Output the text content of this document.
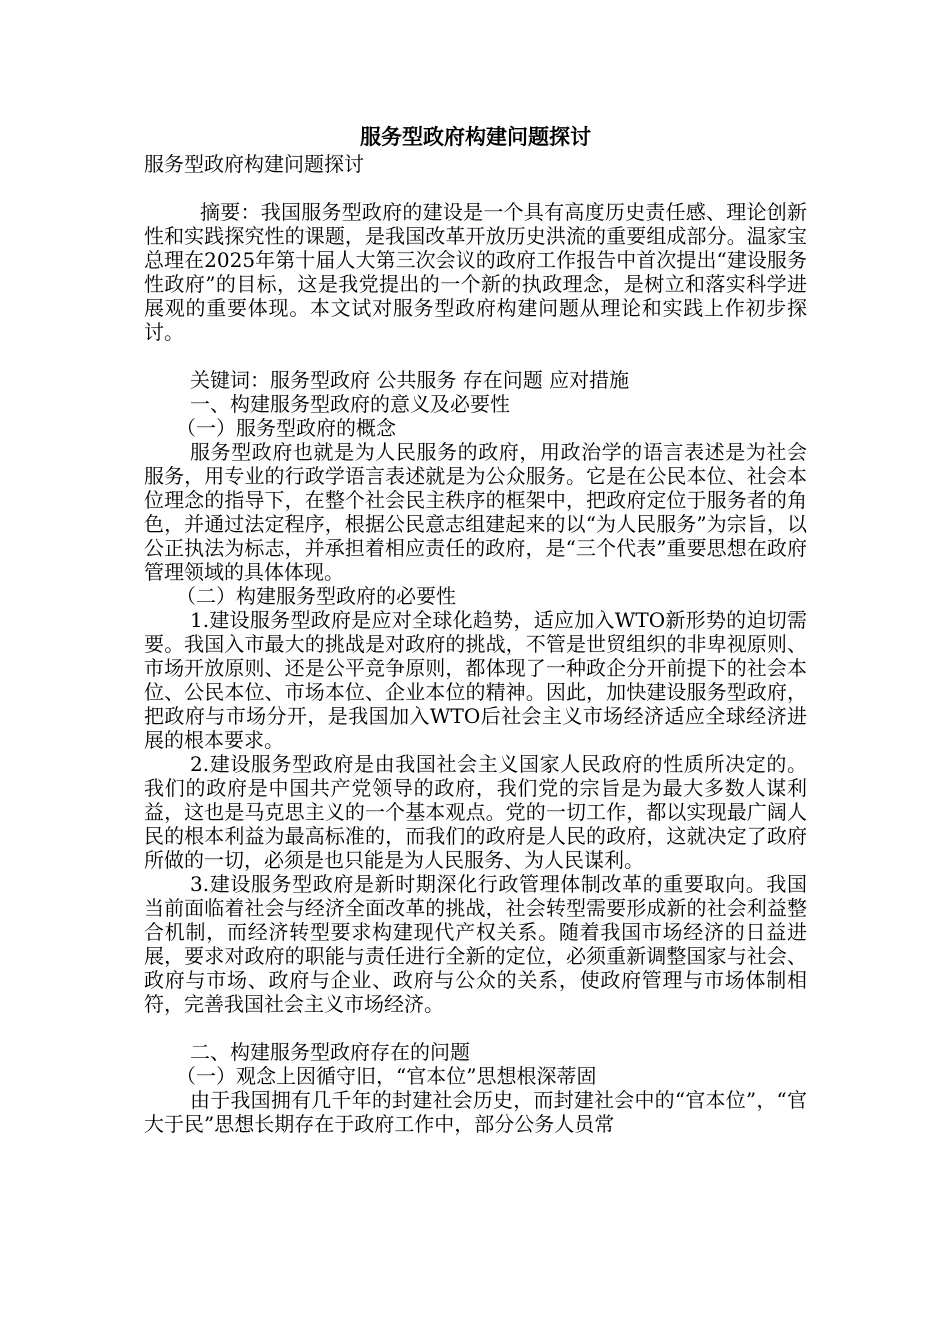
服务型政府构建问题探讨

服务型政府构建问题探讨

摘要：我国服务型政府的建设是一个具有高度历史责任感、理论创新性和实践探究性的课题，是我国改革开放历史洪流的重要组成部分。温家宝总理在2025年第十届人大第三次会议的政府工作报告中首次提出“建设服务性政府”的目标，这是我党提出的一个新的执政理念，是树立和落实科学进展观的重要体现。本文试对服务型政府构建问题从理论和实践上作初步探讨。

关键词：服务型政府 公共服务 存在问题 应对措施

一、构建服务型政府的意义及必要性

（一）服务型政府的概念

服务型政府也就是为人民服务的政府，用政治学的语言表述是为社会服务，用专业的行政学语言表述就是为公众服务。它是在公民本位、社会本位理念的指导下，在整个社会民主秩序的框架中，把政府定位于服务者的角色，并通过法定程序，根据公民意志组建起来的以“为人民服务”为宗旨，以公正执法为标志，并承担着相应责任的政府，是“三个代表”重要思想在政府管理领域的具体体现。

（二）构建服务型政府的必要性

1.建设服务型政府是应对全球化趋势，适应加入WTO新形势的迫切需要。我国入市最大的挑战是对政府的挑战，不管是世贸组织的非卑视原则、市场开放原则、还是公平竞争原则，都体现了一种政企分开前提下的社会本位、公民本位、市场本位、企业本位的精神。因此，加快建设服务型政府，把政府与市场分开，是我国加入WTO后社会主义市场经济适应全球经济进展的根本要求。

2.建设服务型政府是由我国社会主义国家人民政府的性质所决定的。我们的政府是中国共产党领导的政府，我们党的宗旨是为最大多数人谋利益，这也是马克思主义的一个基本观点。党的一切工作，都以实现最广阔人民的根本利益为最高标准的，而我们的政府是人民的政府，这就决定了政府所做的一切，必须是也只能是为人民服务、为人民谋利。

3.建设服务型政府是新时期深化行政管理体制改革的重要取向。我国当前面临着社会与经济全面改革的挑战，社会转型需要形成新的社会利益整合机制，而经济转型要求构建现代产权关系。随着我国市场经济的日益进展，要求对政府的职能与责任进行全新的定位，必须重新调整国家与社会、政府与市场、政府与企业、政府与公众的关系，使政府管理与市场体制相符，完善我国社会主义市场经济。

二、构建服务型政府存在的问题

（一）观念上因循守旧，“官本位”思想根深蒂固

由于我国拥有几千年的封建社会历史，而封建社会中的“官本位”，“官大于民”思想长期存在于政府工作中，部分公务人员常
